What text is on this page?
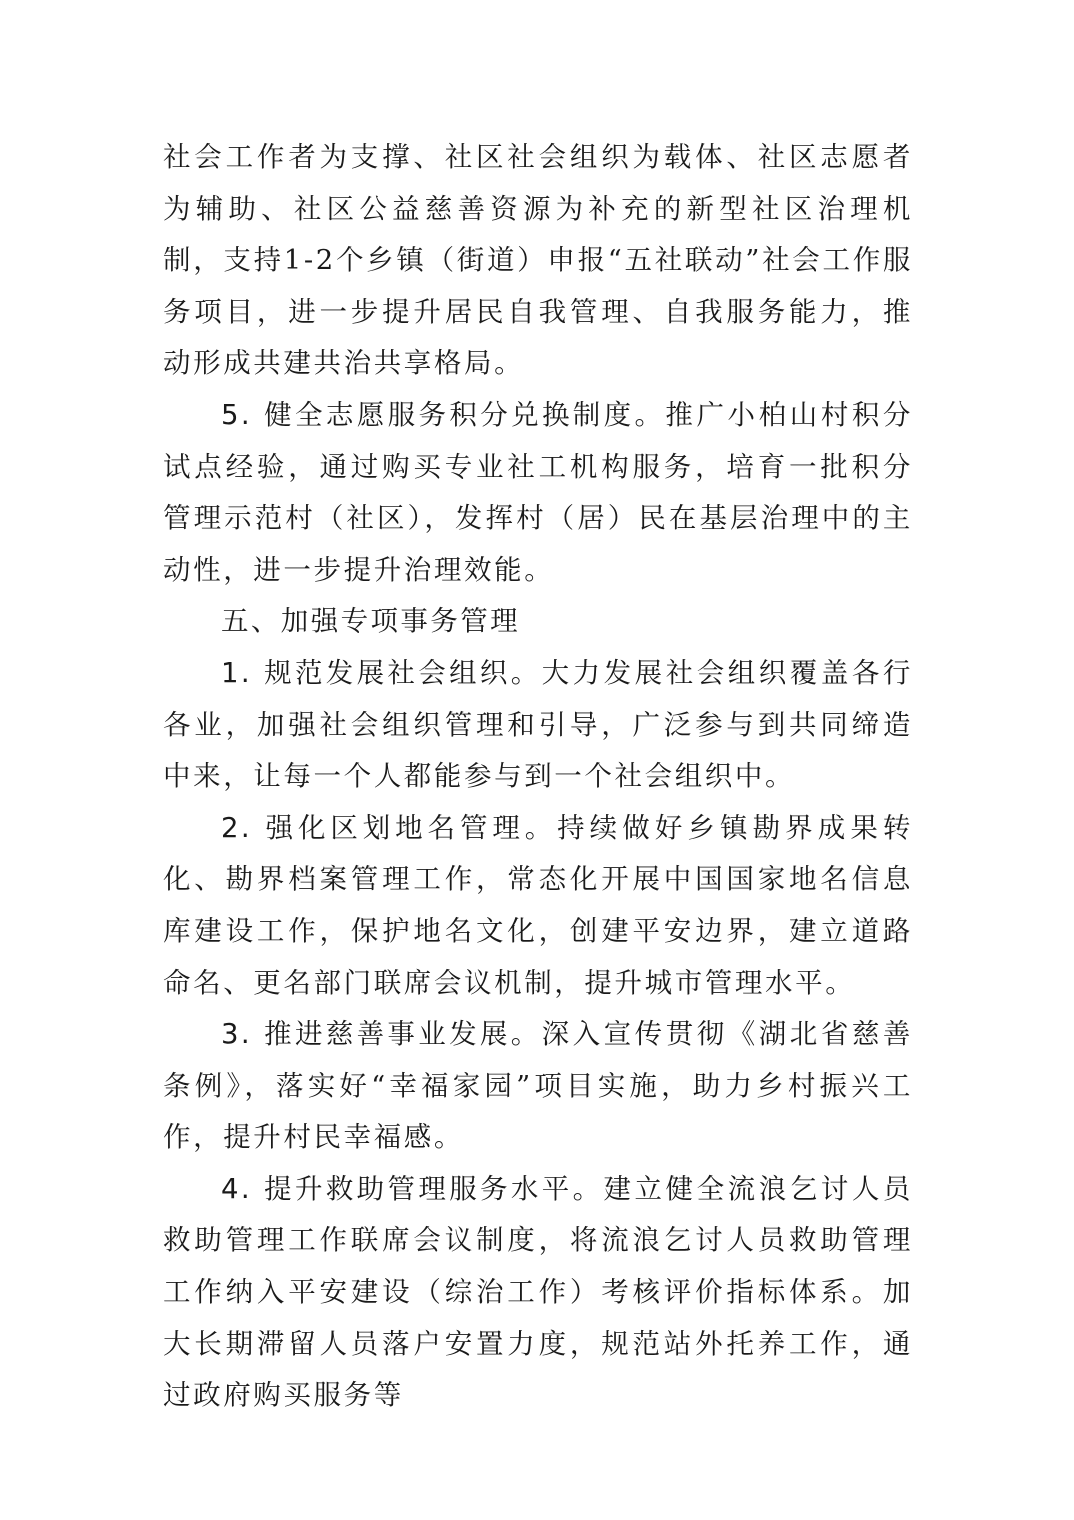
社会工作者为支撑、社区社会组织为载体、社区志愿者为辅助、社区公益慈善资源为补充的新型社区治理机制，支持1-2个乡镇（街道）申报“五社联动”社会工作服务项目，进一步提升居民自我管理、自我服务能力，推动形成共建共治共享格局。

5. 健全志愿服务积分兑换制度。推广小柏山村积分试点经验，通过购买专业社工机构服务，培育一批积分管理示范村（社区），发挥村（居）民在基层治理中的主动性，进一步提升治理效能。

五、加强专项事务管理

1. 规范发展社会组织。大力发展社会组织覆盖各行各业，加强社会组织管理和引导，广泛参与到共同缔造中来，让每一个人都能参与到一个社会组织中。

2. 强化区划地名管理。持续做好乡镇勘界成果转化、勘界档案管理工作，常态化开展中国国家地名信息库建设工作，保护地名文化，创建平安边界，建立道路命名、更名部门联席会议机制，提升城市管理水平。

3. 推进慈善事业发展。深入宣传贯彻《湖北省慈善条例》，落实好“幸福家园”项目实施，助力乡村振兴工作，提升村民幸福感。

4. 提升救助管理服务水平。建立健全流浪乞讨人员救助管理工作联席会议制度，将流浪乞讨人员救助管理工作纳入平安建设（综治工作）考核评价指标体系。加大长期滞留人员落户安置力度，规范站外托养工作，通过政府购买服务等
